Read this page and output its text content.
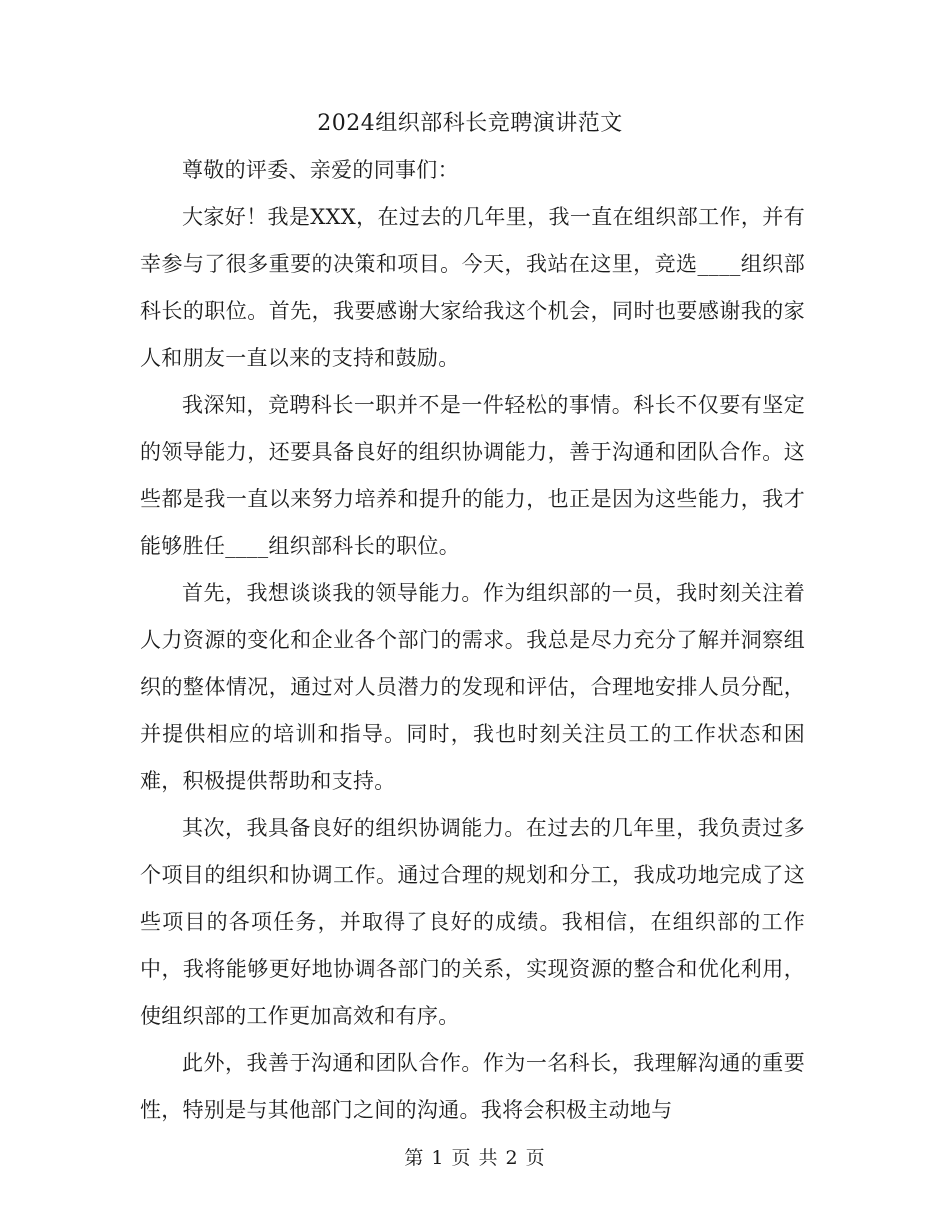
2024组织部科长竞聘演讲范文

尊敬的评委、亲爱的同事们：

大家好！我是XXX，在过去的几年里，我一直在组织部工作，并有幸参与了很多重要的决策和项目。今天，我站在这里，竞选____组织部科长的职位。首先，我要感谢大家给我这个机会，同时也要感谢我的家人和朋友一直以来的支持和鼓励。

我深知，竞聘科长一职并不是一件轻松的事情。科长不仅要有坚定的领导能力，还要具备良好的组织协调能力，善于沟通和团队合作。这些都是我一直以来努力培养和提升的能力，也正是因为这些能力，我才能够胜任____组织部科长的职位。

首先，我想谈谈我的领导能力。作为组织部的一员，我时刻关注着人力资源的变化和企业各个部门的需求。我总是尽力充分了解并洞察组织的整体情况，通过对人员潜力的发现和评估，合理地安排人员分配，并提供相应的培训和指导。同时，我也时刻关注员工的工作状态和困难，积极提供帮助和支持。

其次，我具备良好的组织协调能力。在过去的几年里，我负责过多个项目的组织和协调工作。通过合理的规划和分工，我成功地完成了这些项目的各项任务，并取得了良好的成绩。我相信，在组织部的工作中，我将能够更好地协调各部门的关系，实现资源的整合和优化利用，使组织部的工作更加高效和有序。

此外，我善于沟通和团队合作。作为一名科长，我理解沟通的重要性，特别是与其他部门之间的沟通。我将会积极主动地与

第 1 页 共 2 页
